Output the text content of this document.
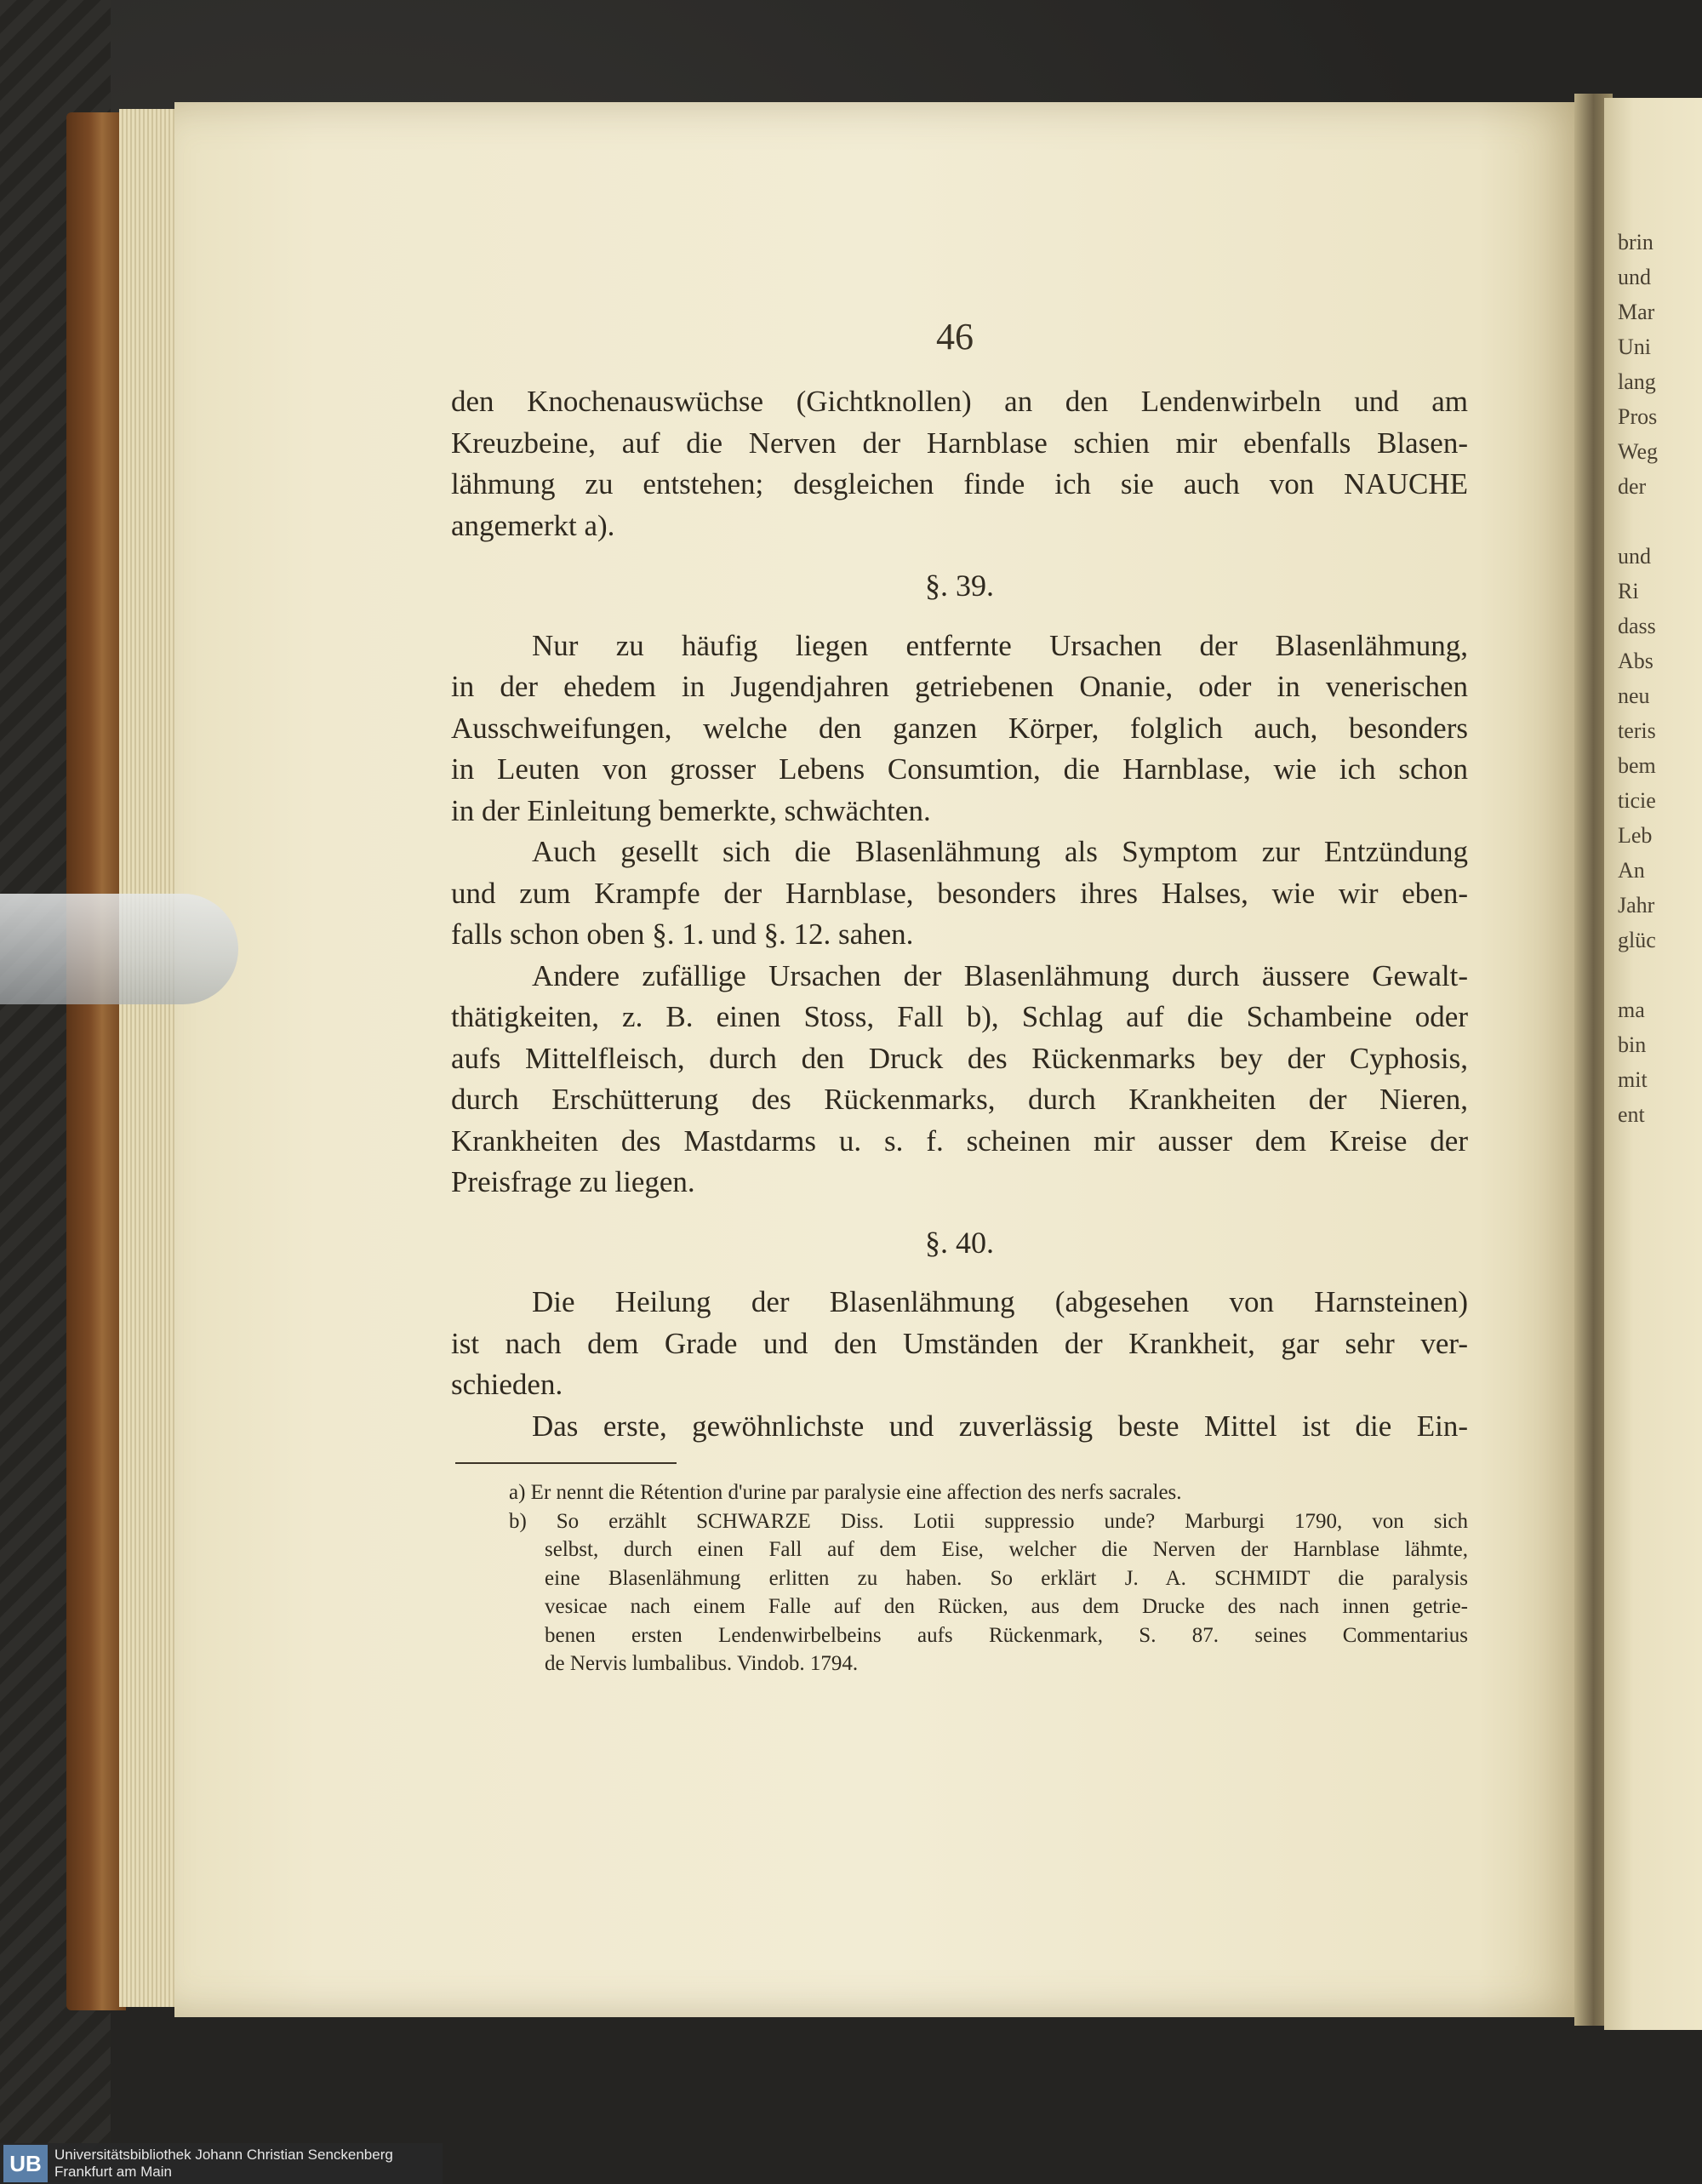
brin
und
Mar
Uni
lang
Pros
Weg
der
und
Ri
dass
Abs
neu
teris
bem
ticie
Leb
An
Jahr
glüc
ma
bin
mit
ent
46
den Knochenauswüchse (Gichtknollen) an den Lendenwirbeln und am
Kreuzbeine, auf die Nerven der Harnblase schien mir ebenfalls Blasen-
lähmung zu entstehen; desgleichen finde ich sie auch von NAUCHE
angemerkt a).
§. 39.
Nur zu häufig liegen entfernte Ursachen der Blasenlähmung,
in der ehedem in Jugendjahren getriebenen Onanie, oder in venerischen
Ausschweifungen, welche den ganzen Körper, folglich auch, besonders
in Leuten von grosser Lebens Consumtion, die Harnblase, wie ich schon
in der Einleitung bemerkte, schwächten.
Auch gesellt sich die Blasenlähmung als Symptom zur Entzündung
und zum Krampfe der Harnblase, besonders ihres Halses, wie wir eben-
falls schon oben §. 1. und §. 12. sahen.
Andere zufällige Ursachen der Blasenlähmung durch äussere Gewalt-
thätigkeiten, z. B. einen Stoss, Fall b), Schlag auf die Schambeine oder
aufs Mittelfleisch, durch den Druck des Rückenmarks bey der Cyphosis,
durch Erschütterung des Rückenmarks, durch Krankheiten der Nieren,
Krankheiten des Mastdarms u. s. f. scheinen mir ausser dem Kreise der
Preisfrage zu liegen.
§. 40.
Die Heilung der Blasenlähmung (abgesehen von Harnsteinen)
ist nach dem Grade und den Umständen der Krankheit, gar sehr ver-
schieden.
Das erste, gewöhnlichste und zuverlässig beste Mittel ist die Ein-
a) Er nennt die Rétention d'urine par paralysie eine affection des nerfs sacrales.
b) So erzählt SCHWARZE Diss. Lotii suppressio unde? Marburgi 1790, von sich
selbst, durch einen Fall auf dem Eise, welcher die Nerven der Harnblase lähmte,
eine Blasenlähmung erlitten zu haben. So erklärt J. A. SCHMIDT die paralysis
vesicae nach einem Falle auf den Rücken, aus dem Drucke des nach innen getrie-
benen ersten Lendenwirbelbeins aufs Rückenmark, S. 87. seines Commentarius
de Nervis lumbalibus. Vindob. 1794.
UB Universitätsbibliothek Johann Christian Senckenberg
Frankfurt am Main
